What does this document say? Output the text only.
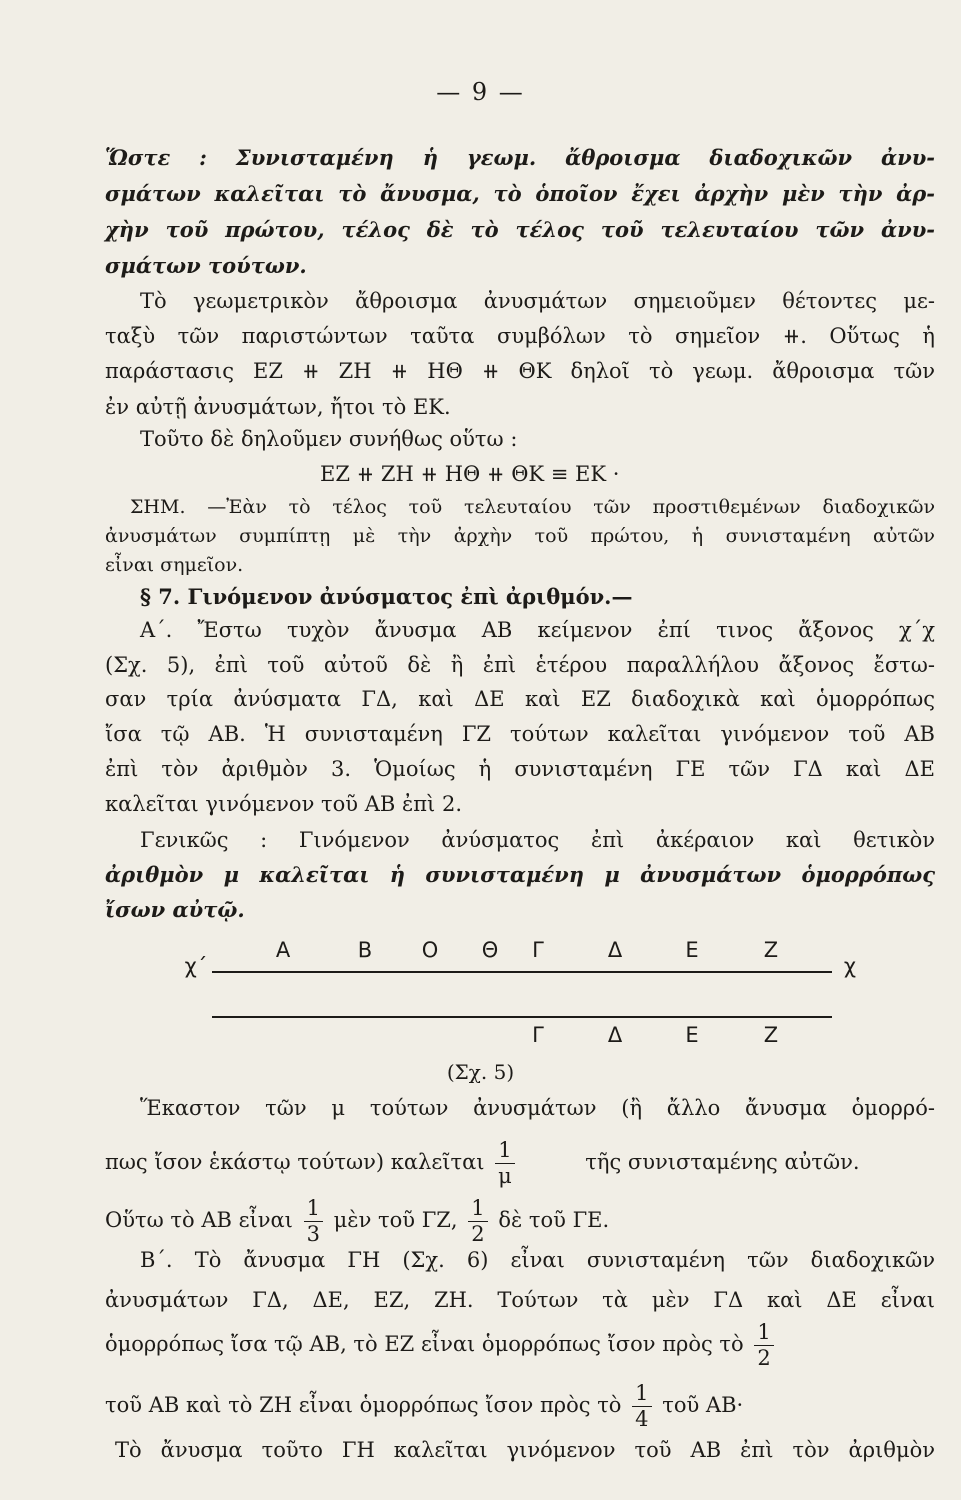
— 9 —
Ὥστε : Συνισταμένη ἡ γεωμ. ἄθροισμα διαδοχικῶν ἀνυ-
σμάτων καλεῖται τὸ ἄνυσμα, τὸ ὁποῖον ἔχει ἀρχὴν μὲν τὴν ἀρ-
χὴν τοῦ πρώτου, τέλος δὲ τὸ τέλος τοῦ τελευταίου τῶν ἀνυ-
σμάτων τούτων.
Τὸ γεωμετρικὸν ἄθροισμα ἀνυσμάτων σημειοῦμεν θέτοντες με-
ταξὺ τῶν παριστώντων ταῦτα συμβόλων τὸ σημεῖον ⧺. Οὕτως ἡ
παράστασις ΕΖ ⧺ ΖΗ ⧺ ΗΘ ⧺ ΘΚ δηλοῖ τὸ γεωμ. ἄθροισμα τῶν
ἐν αὐτῇ ἀνυσμάτων, ἤτοι τὸ ΕΚ.
Τοῦτο δὲ δηλοῦμεν συνήθως οὕτω :
ΕΖ ⧺ ΖΗ ⧺ ΗΘ ⧺ ΘΚ ≡ ΕΚ ·
ΣΗΜ. —Ἐὰν τὸ τέλος τοῦ τελευταίου τῶν προστιθεμένων διαδοχικῶν
ἀνυσμάτων συμπίπτῃ μὲ τὴν ἀρχὴν τοῦ πρώτου, ἡ συνισταμένη αὐτῶν
εἶναι σημεῖον.
§ 7. Γινόμενον ἀνύσματος ἐπὶ ἀριθμόν.—
Α΄. Ἔστω τυχὸν ἄνυσμα ΑΒ κείμενον ἐπί τινος ἄξονος χ΄χ
(Σχ. 5), ἐπὶ τοῦ αὐτοῦ δὲ ἢ ἐπὶ ἑτέρου παραλλήλου ἄξονος ἔστω-
σαν τρία ἀνύσματα ΓΔ, καὶ ΔΕ καὶ ΕΖ διαδοχικὰ καὶ ὁμορρόπως
ἴσα τῷ ΑΒ. Ἡ συνισταμένη ΓΖ τούτων καλεῖται γινόμενον τοῦ ΑΒ
ἐπὶ τὸν ἀριθμὸν 3. Ὁμοίως ἡ συνισταμένη ΓΕ τῶν ΓΔ καὶ ΔΕ
καλεῖται γινόμενον τοῦ ΑΒ ἐπὶ 2.
Γενικῶς : Γινόμενον ἀνύσματος ἐπὶ ἀκέραιον καὶ θετικὸν
ἀριθμὸν μ καλεῖται ἡ συνισταμένη μ ἀνυσμάτων ὁμορρόπως
ἴσων αὐτῷ.
χ΄	χ
Α	Β Ο Θ Γ	Δ	Ε	Ζ
Γ	Δ	Ε	Ζ
(Σχ. 5)
Ἕκαστον τῶν μ τούτων ἀνυσμάτων (ἢ ἄλλο ἄνυσμα ὁμορρό-
πως ἴσον ἑκάστῳ τούτων) καλεῖται $\frac{1}{\mu}$	τῆς συνισταμένης αὐτῶν.
Οὕτω τὸ ΑΒ εἶναι $\frac{1}{3}$ μὲν τοῦ ΓΖ, $\frac{1}{2}$ δὲ τοῦ ΓΕ.
Β΄. Τὸ ἄνυσμα ΓΗ (Σχ. 6) εἶναι συνισταμένη τῶν διαδοχικῶν
ἀνυσμάτων ΓΔ, ΔΕ, ΕΖ, ΖΗ. Τούτων τὰ μὲν ΓΔ καὶ ΔΕ εἶναι
ὁμορρόπως ἴσα τῷ ΑΒ, τὸ ΕΖ εἶναι ὁμορρόπως ἴσον πρὸς τὸ $\frac{1}{2}$
τοῦ ΑΒ καὶ τὸ ΖΗ εἶναι ὁμορρόπως ἴσον πρὸς τὸ $\frac{1}{4}$ τοῦ ΑΒ·
Τὸ ἄνυσμα τοῦτο ΓΗ καλεῖται γινόμενον τοῦ ΑΒ ἐπὶ τὸν ἀριθμὸν
